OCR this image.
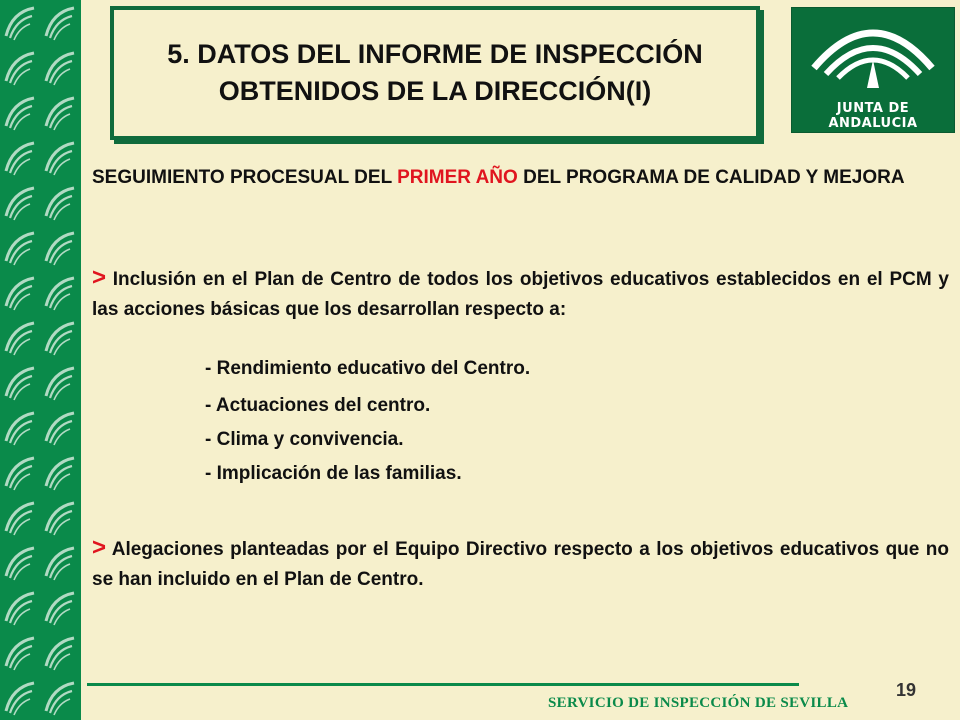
5. DATOS DEL INFORME DE INSPECCIÓN OBTENIDOS DE LA DIRECCIÓN(I)
JUNTA DE ANDALUCIA
SEGUIMIENTO PROCESUAL DEL PRIMER AÑO DEL PROGRAMA DE CALIDAD Y MEJORA
> Inclusión en el Plan de Centro de todos los objetivos educativos establecidos en el PCM y las acciones básicas que los desarrollan respecto a:
- Rendimiento educativo del Centro.
- Actuaciones del centro.
- Clima y convivencia.
- Implicación de las familias.
> Alegaciones planteadas por el Equipo Directivo respecto a los objetivos educativos que no se han incluido en el Plan de Centro.
19
SERVICIO DE INSPECCIÓN DE SEVILLA
